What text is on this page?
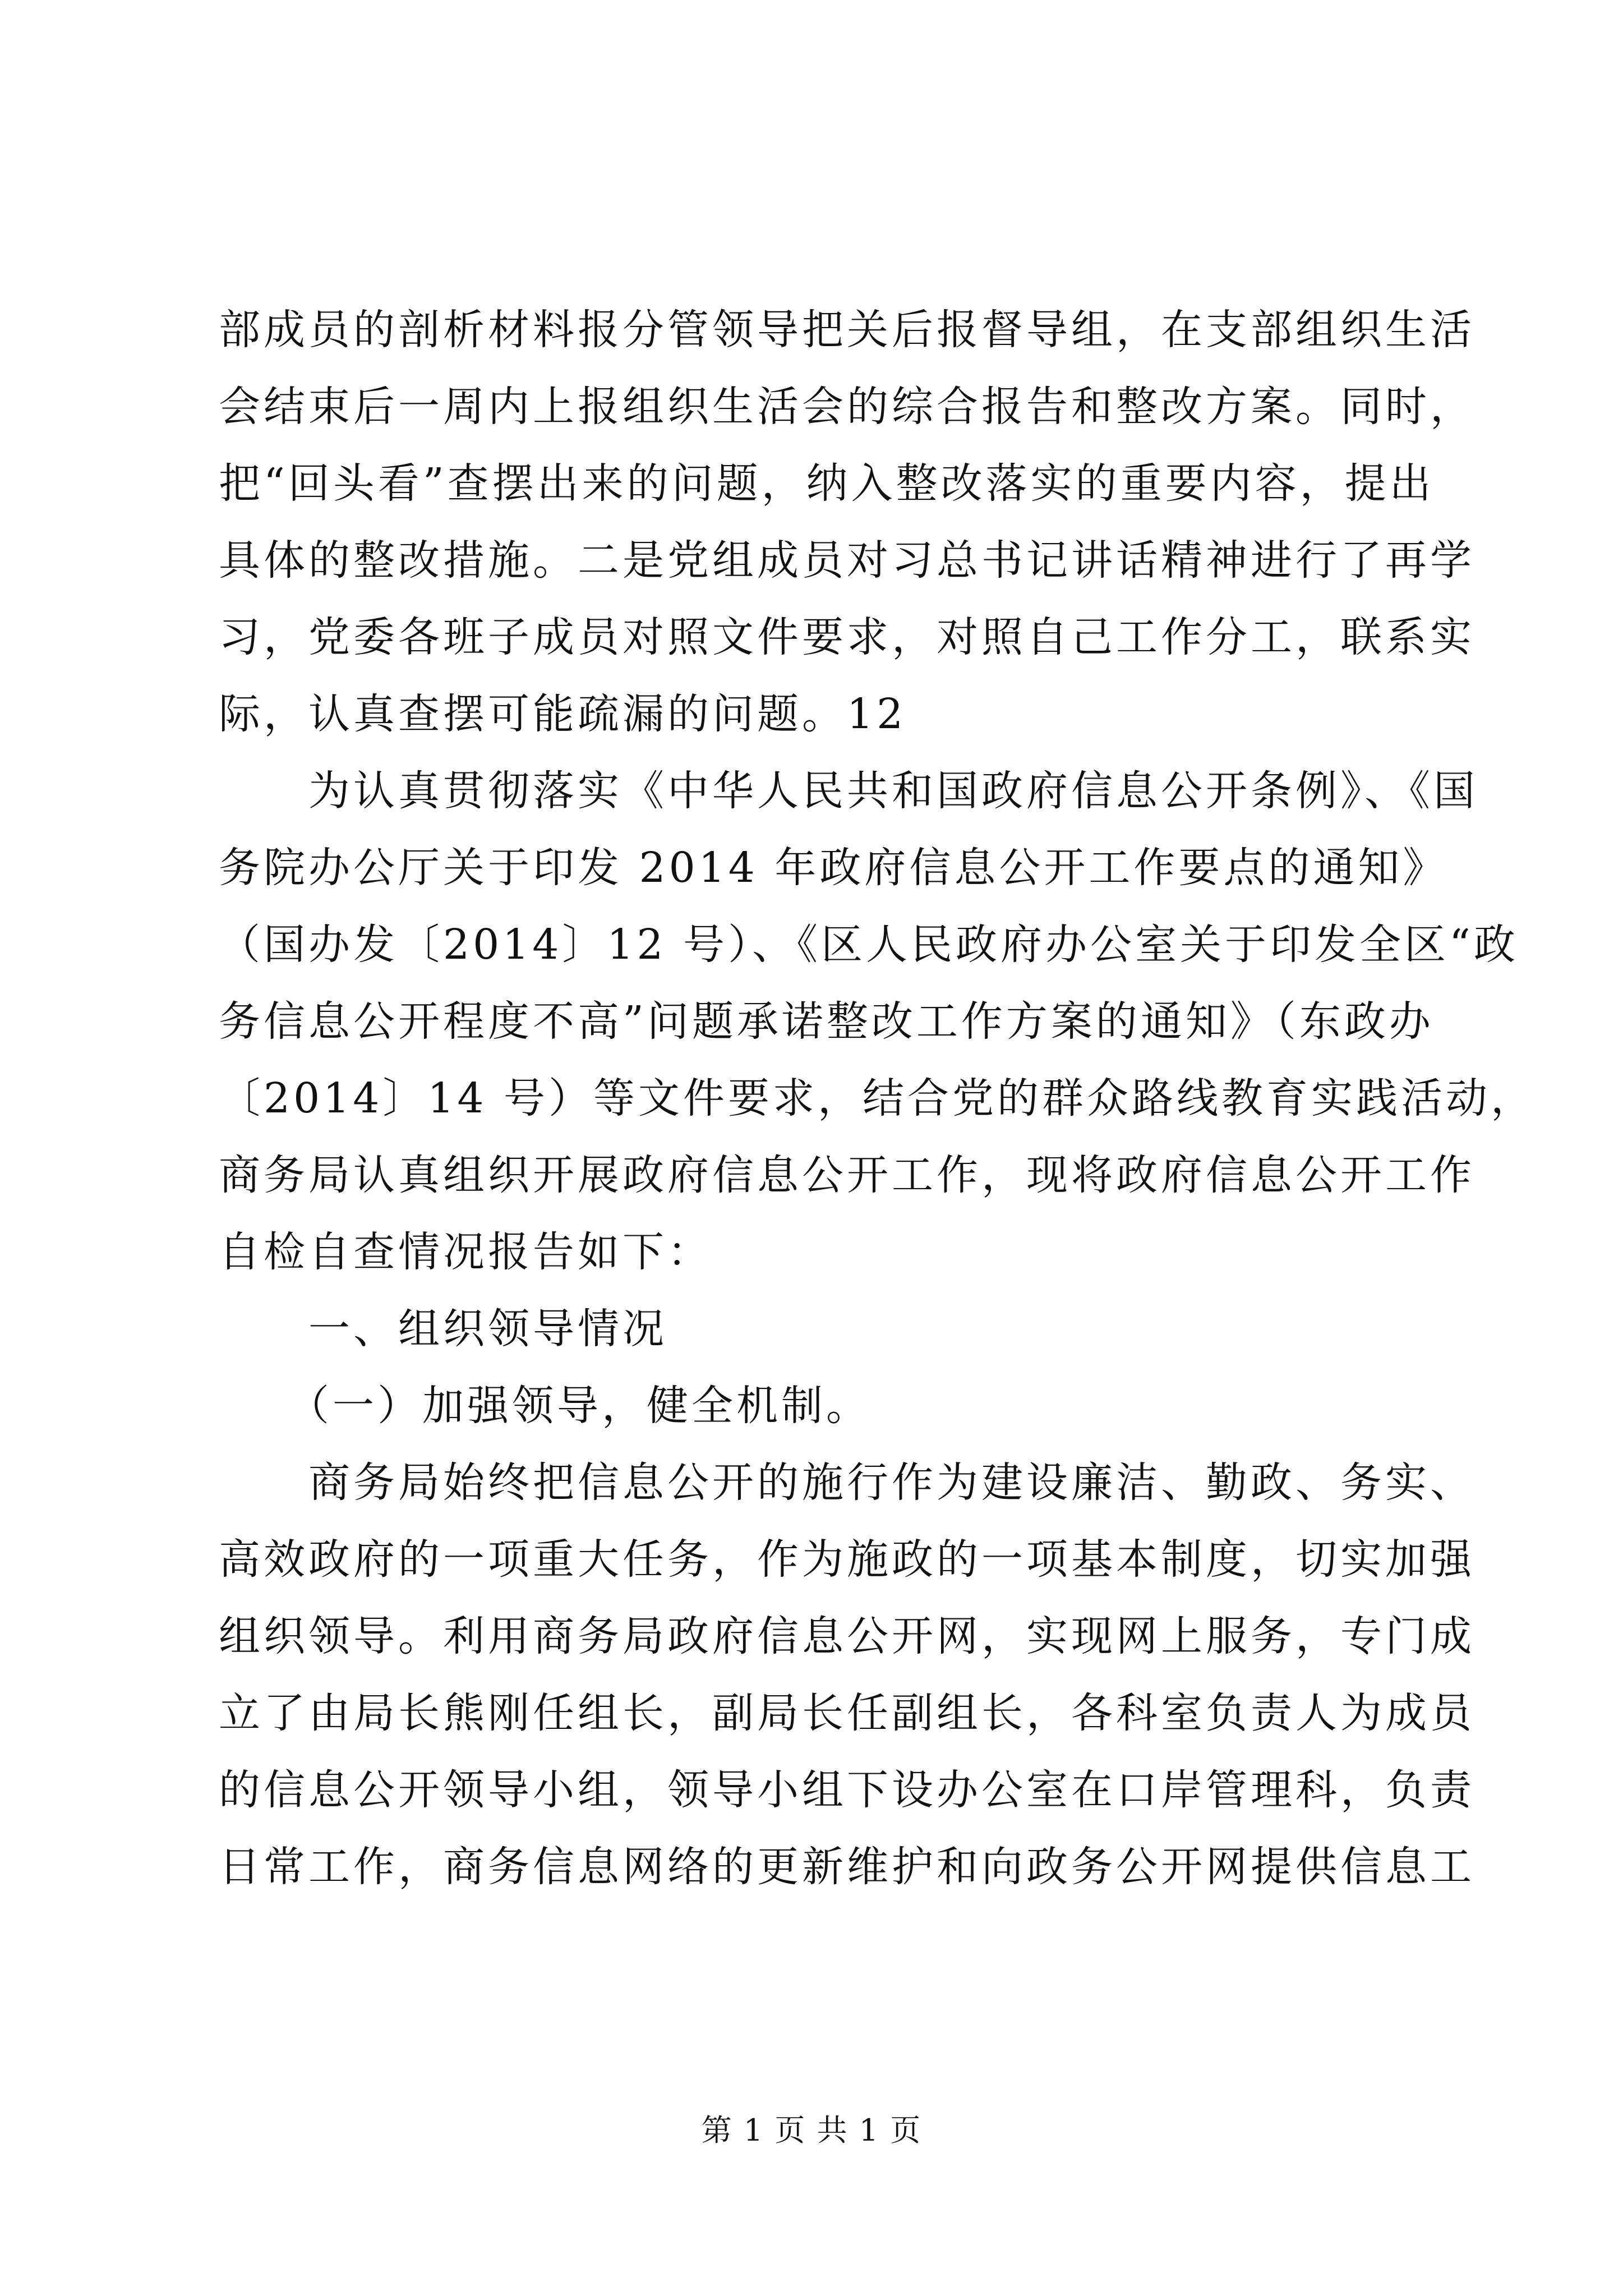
部成员的剖析材料报分管领导把关后报督导组，在支部组织生活
会结束后一周内上报组织生活会的综合报告和整改方案。同时，
把“回头看”查摆出来的问题，纳入整改落实的重要内容，提出
具体的整改措施。二是党组成员对习总书记讲话精神进行了再学
习，党委各班子成员对照文件要求，对照自己工作分工，联系实
际，认真查摆可能疏漏的问题。12
　　为认真贯彻落实《中华人民共和国政府信息公开条例》、《国
务院办公厅关于印发 2014 年政府信息公开工作要点的通知》
（国办发〔2014〕12 号）、《区人民政府办公室关于印发全区“政
务信息公开程度不高”问题承诺整改工作方案的通知》（东政办
〔2014〕14 号）等文件要求，结合党的群众路线教育实践活动，
商务局认真组织开展政府信息公开工作，现将政府信息公开工作
自检自查情况报告如下：
　　一、组织领导情况
　　（一）加强领导，健全机制。
　　商务局始终把信息公开的施行作为建设廉洁、勤政、务实、
高效政府的一项重大任务，作为施政的一项基本制度，切实加强
组织领导。利用商务局政府信息公开网，实现网上服务，专门成
立了由局长熊刚任组长，副局长任副组长，各科室负责人为成员
的信息公开领导小组，领导小组下设办公室在口岸管理科，负责
日常工作，商务信息网络的更新维护和向政务公开网提供信息工
第 1 页 共 1 页
